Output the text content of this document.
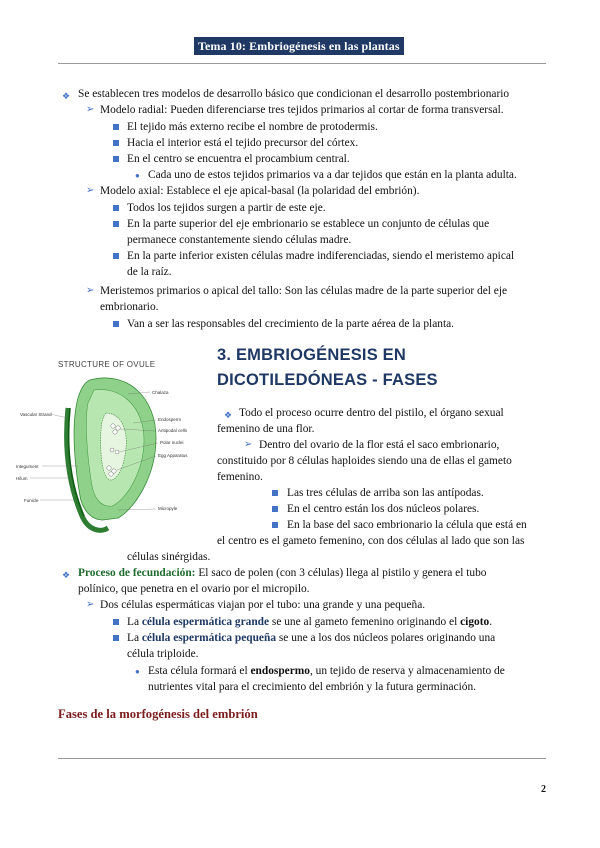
Tema 10: Embriogénesis en las plantas
❖ Se establecen tres modelos de desarrollo básico que condicionan el desarrollo postembrionario
➢ Modelo radial: Pueden diferenciarse tres tejidos primarios al cortar de forma transversal.
El tejido más externo recibe el nombre de protodermis.
Hacia el interior está el tejido precursor del córtex.
En el centro se encuentra el procambium central.
● Cada uno de estos tejidos primarios va a dar tejidos que están en la planta adulta.
➢ Modelo axial: Establece el eje apical-basal (la polaridad del embrión).
Todos los tejidos surgen a partir de este eje.
En la parte superior del eje embrionario se establece un conjunto de células que
permanece constantemente siendo células madre.
En la parte inferior existen células madre indiferenciadas, siendo el meristemo apical
de la raíz.
➢ Meristemos primarios o apical del tallo: Son las células madre de la parte superior del eje
embrionario.
Van a ser las responsables del crecimiento de la parte aérea de la planta.
STRUCTURE OF OVULE
Chalaza
Vascular Strand
Endosperm
Antipodal cells
Polar nuclei
Egg Apparatus
Integument
Hilum
Funicle
Micropyle
3. EMBRIOGÉNESIS EN
DICOTILEDÓNEAS - FASES
❖ Todo el proceso ocurre dentro del pistilo, el órgano sexual
femenino de una flor.
➢ Dentro del ovario de la flor está el saco embrionario,
constituido por 8 células haploides siendo una de ellas el gameto
femenino.
Las tres células de arriba son las antípodas.
En el centro están los dos núcleos polares.
En la base del saco embrionario la célula que está en
el centro es el gameto femenino, con dos células al lado que son las
células sinérgidas.
❖ Proceso de fecundación: El saco de polen (con 3 células) llega al pistilo y genera el tubo
polínico, que penetra en el ovario por el micropilo.
➢ Dos células espermáticas viajan por el tubo: una grande y una pequeña.
La célula espermática grande se une al gameto femenino originando el cigoto.
La célula espermática pequeña se une a los dos núcleos polares originando una
célula triploide.
● Esta célula formará el endospermo, un tejido de reserva y almacenamiento de
nutrientes vital para el crecimiento del embrión y la futura germinación.
Fases de la morfogénesis del embrión
2
